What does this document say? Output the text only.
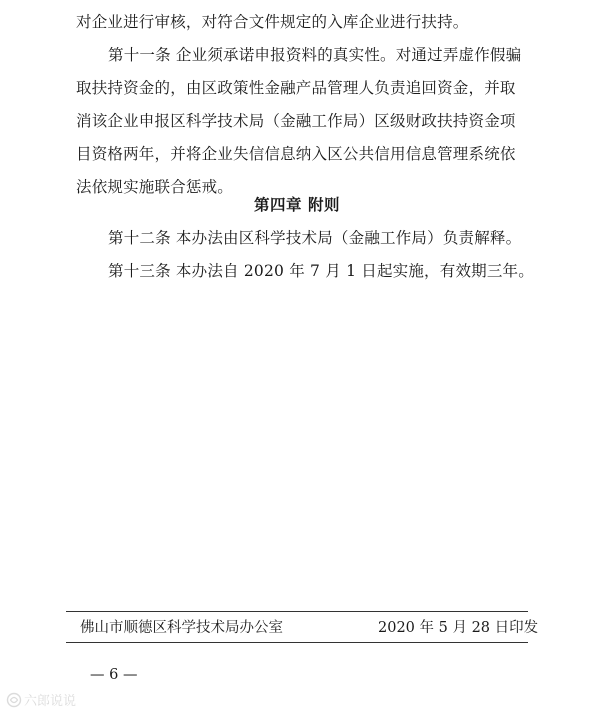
对企业进行审核，对符合文件规定的入库企业进行扶持。
第十一条 企业须承诺申报资料的真实性。对通过弄虚作假骗
取扶持资金的，由区政策性金融产品管理人负责追回资金，并取
消该企业申报区科学技术局（金融工作局）区级财政扶持资金项
目资格两年，并将企业失信信息纳入区公共信用信息管理系统依
法依规实施联合惩戒。
第四章 附则
第十二条 本办法由区科学技术局（金融工作局）负责解释。
第十三条 本办法自 2020 年 7 月 1 日起实施，有效期三年。
佛山市顺德区科学技术局办公室	2020 年 5 月 28 日印发
— 6 —
六郎说说
